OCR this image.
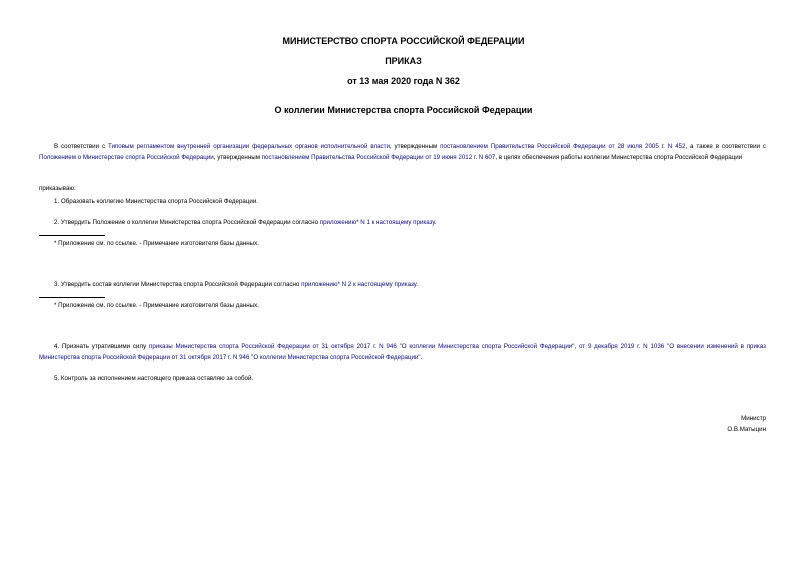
МИНИСТЕРСТВО СПОРТА РОССИЙСКОЙ ФЕДЕРАЦИИ
ПРИКАЗ
от 13 мая 2020 года N 362
О коллегии Министерства спорта Российской Федерации
В соответствии с Типовым регламентом внутренней организации федеральных органов исполнительной власти, утвержденным постановлением Правительства Российской Федерации от 28 июля 2005 г. N 452, а также в соответствии с Положением о Министерстве спорта Российской Федерации, утвержденным постановлением Правительства Российской Федерации от 19 июня 2012 г. N 607, в целях обеспечения работы коллегии Министерства спорта Российской Федерации
приказываю:
1. Образовать коллегию Министерства спорта Российской Федерации.
2. Утвердить Положение о коллегии Министерства спорта Российской Федерации согласно приложению* N 1 к настоящему приказу.
* Приложение см. по ссылке. - Примечание изготовителя базы данных.
3. Утвердить состав коллегии Министерства спорта Российской Федерации согласно приложению* N 2 к настоящему приказу.
* Приложение см. по ссылке. - Примечание изготовителя базы данных.
4. Признать утратившими силу приказы Министерства спорта Российской Федерации от 31 октября 2017 г. N 946 "О коллегии Министерства спорта Российской Федерации", от 9 декабря 2019 г. N 1036 "О внесении изменений в приказ Министерства спорта Российской Федерации от 31 октября 2017 г. N 946 "О коллегии Министерства спорта Российской Федерации".
5. Контроль за исполнением настоящего приказа оставляю за собой.
Министр
О.В.Матыцин
